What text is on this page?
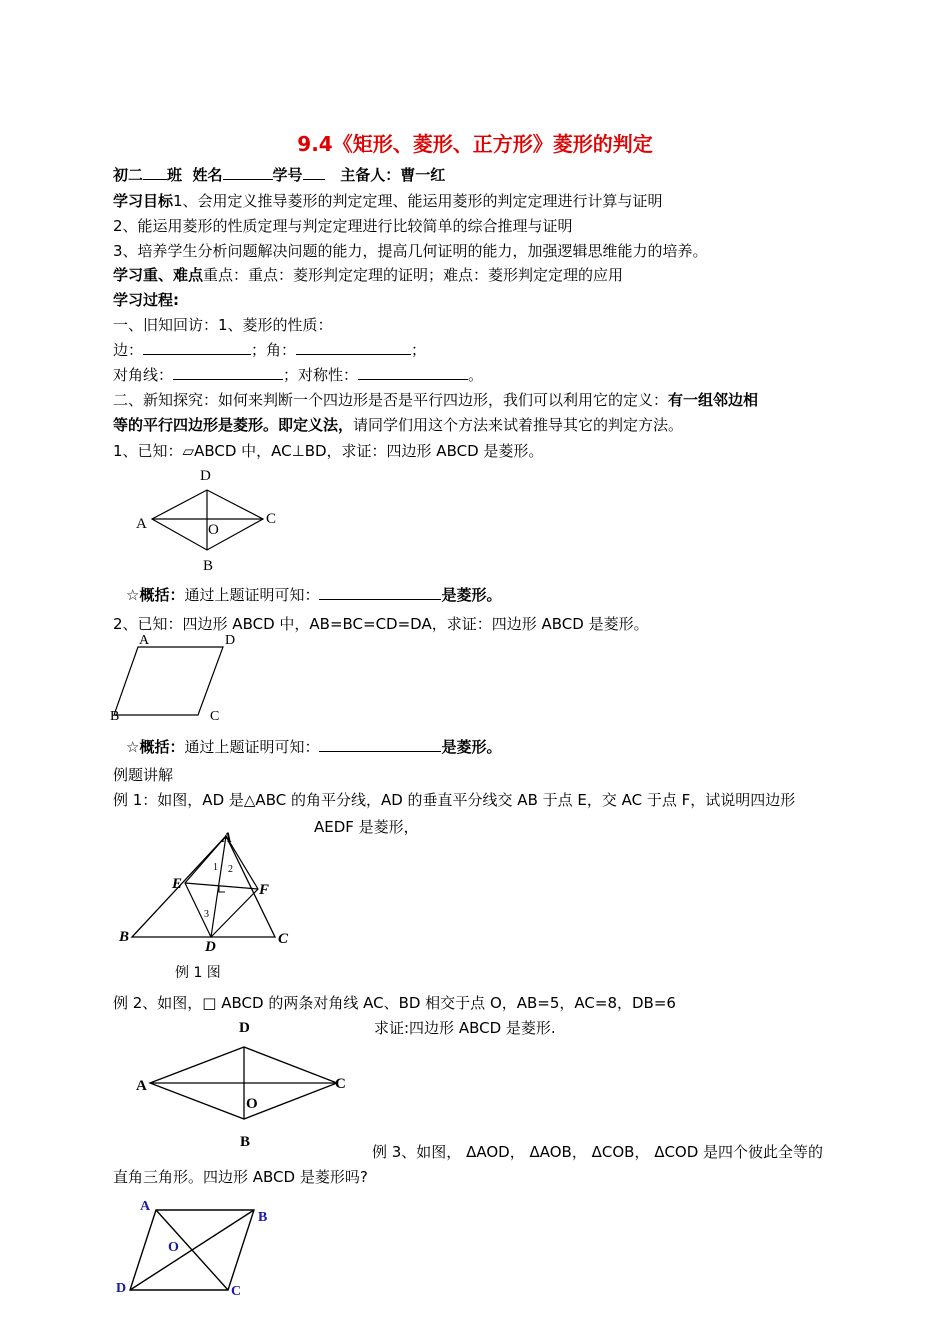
9.4《矩形、菱形、正方形》菱形的判定
初二 班 姓名	学号	主备人：曹一红
学习目标1、会用定义推导菱形的判定定理、能运用菱形的判定定理进行计算与证明
2、能运用菱形的性质定理与判定定理进行比较简单的综合推理与证明
3、培养学生分析问题解决问题的能力，提高几何证明的能力，加强逻辑思维能力的培养。
学习重、难点重点：重点：菱形判定定理的证明；难点：菱形判定定理的应用
学习过程:
一、旧知回访：1、菱形的性质：
边：	；角：	；
对角线：	；对称性：	。
二、新知探究：如何来判断一个四边形是否是平行四边形，我们可以利用它的定义：有一组邻边相
等的平行四边形是菱形。即定义法，请同学们用这个方法来试着推导其它的判定方法。
1、已知：▱ABCD 中，AC⊥BD，求证：四边形 ABCD 是菱形。
D
A	O
C
B
☆概括：通过上题证明可知：	是菱形。
2、已知：四边形 ABCD 中，AB=BC=CD=DA，求证：四边形 ABCD 是菱形。
A	D
B	C
☆概括：通过上题证明可知：	是菱形。
例题讲解
例 1：如图，AD 是△ABC 的角平分线，AD 的垂直平分线交 AB 于点 E，交 AC 于点 F，试说明四边形
AEDF 是菱形，
A
B	C
D
E	F
1 2
3
例 1 图
例 2、如图，□ ABCD 的两条对角线 AC、BD 相交于点 O，AB=5，AC=8，DB=6
求证:四边形 ABCD 是菱形.
D
A
O
C
B
例 3、如图， ΔAOD， ΔAOB， ΔCOB， ΔCOD 是四个彼此全等的
直角三角形。四边形 ABCD 是菱形吗?
A
B
O
D	C
